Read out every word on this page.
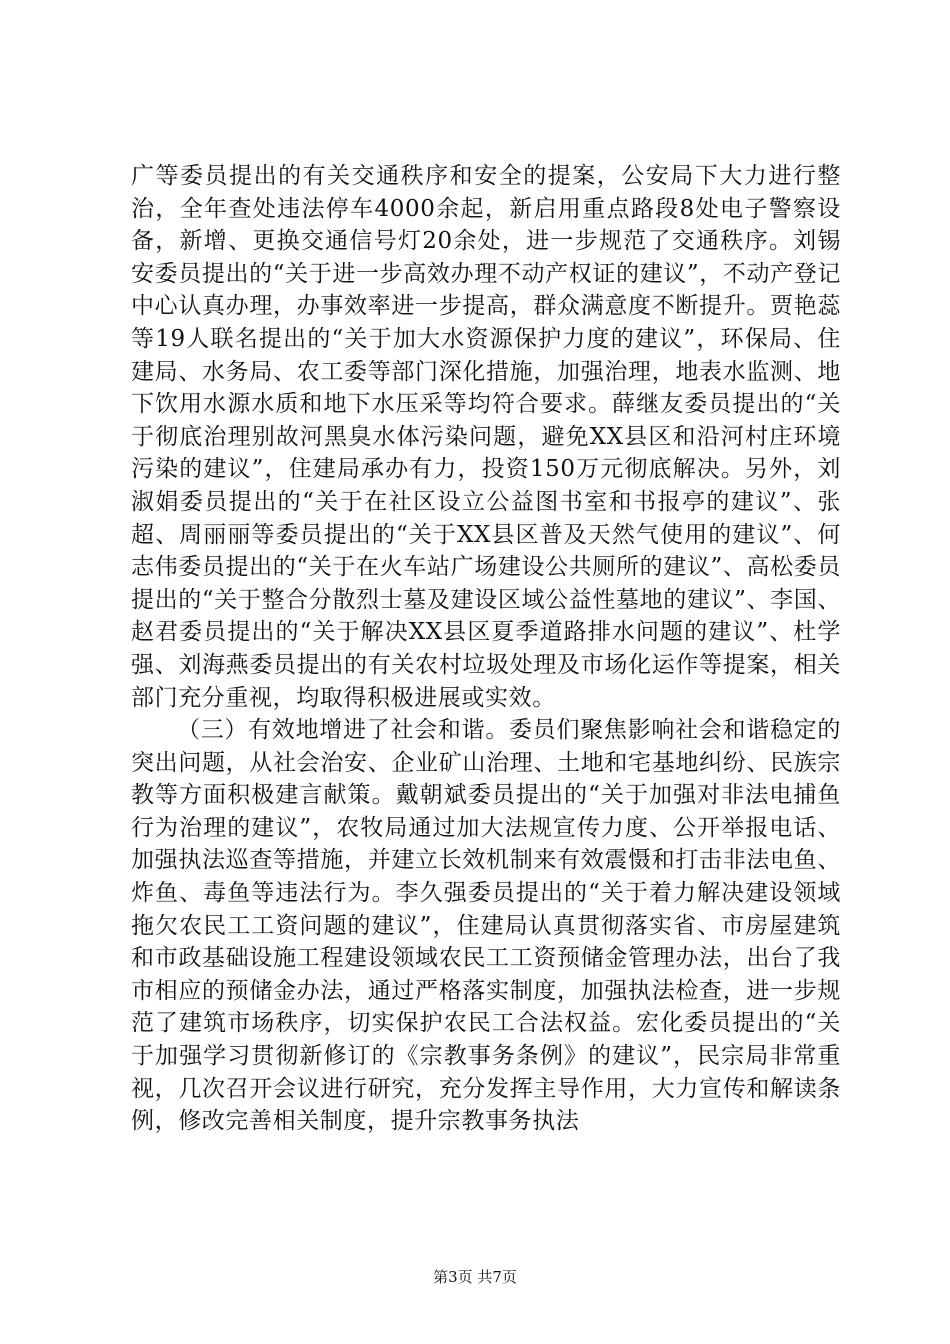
广等委员提出的有关交通秩序和安全的提案，公安局下大力进行整治，全年查处违法停车4000余起，新启用重点路段8处电子警察设备，新增、更换交通信号灯20余处，进一步规范了交通秩序。刘锡安委员提出的“关于进一步高效办理不动产权证的建议”，不动产登记中心认真办理，办事效率进一步提高，群众满意度不断提升。贾艳蕊等19人联名提出的“关于加大水资源保护力度的建议”，环保局、住建局、水务局、农工委等部门深化措施，加强治理，地表水监测、地下饮用水源水质和地下水压采等均符合要求。薛继友委员提出的“关于彻底治理别故河黑臭水体污染问题，避免XX县区和沿河村庄环境污染的建议”，住建局承办有力，投资150万元彻底解决。另外，刘淑娟委员提出的“关于在社区设立公益图书室和书报亭的建议”、张超、周丽丽等委员提出的“关于XX县区普及天然气使用的建议”、何志伟委员提出的“关于在火车站广场建设公共厕所的建议”、高松委员提出的“关于整合分散烈士墓及建设区域公益性墓地的建议”、李国、赵君委员提出的“关于解决XX县区夏季道路排水问题的建议”、杜学强、刘海燕委员提出的有关农村垃圾处理及市场化运作等提案，相关部门充分重视，均取得积极进展或实效。

（三）有效地增进了社会和谐。委员们聚焦影响社会和谐稳定的突出问题，从社会治安、企业矿山治理、土地和宅基地纠纷、民族宗教等方面积极建言献策。戴朝斌委员提出的“关于加强对非法电捕鱼行为治理的建议”，农牧局通过加大法规宣传力度、公开举报电话、加强执法巡查等措施，并建立长效机制来有效震慑和打击非法电鱼、炸鱼、毒鱼等违法行为。李久强委员提出的“关于着力解决建设领域拖欠农民工工资问题的建议”，住建局认真贯彻落实省、市房屋建筑和市政基础设施工程建设领域农民工工资预储金管理办法，出台了我市相应的预储金办法，通过严格落实制度，加强执法检查，进一步规范了建筑市场秩序，切实保护农民工合法权益。宏化委员提出的“关于加强学习贯彻新修订的《宗教事务条例》的建议”，民宗局非常重视，几次召开会议进行研究，充分发挥主导作用，大力宣传和解读条例，修改完善相关制度，提升宗教事务执法

第3页 共7页
